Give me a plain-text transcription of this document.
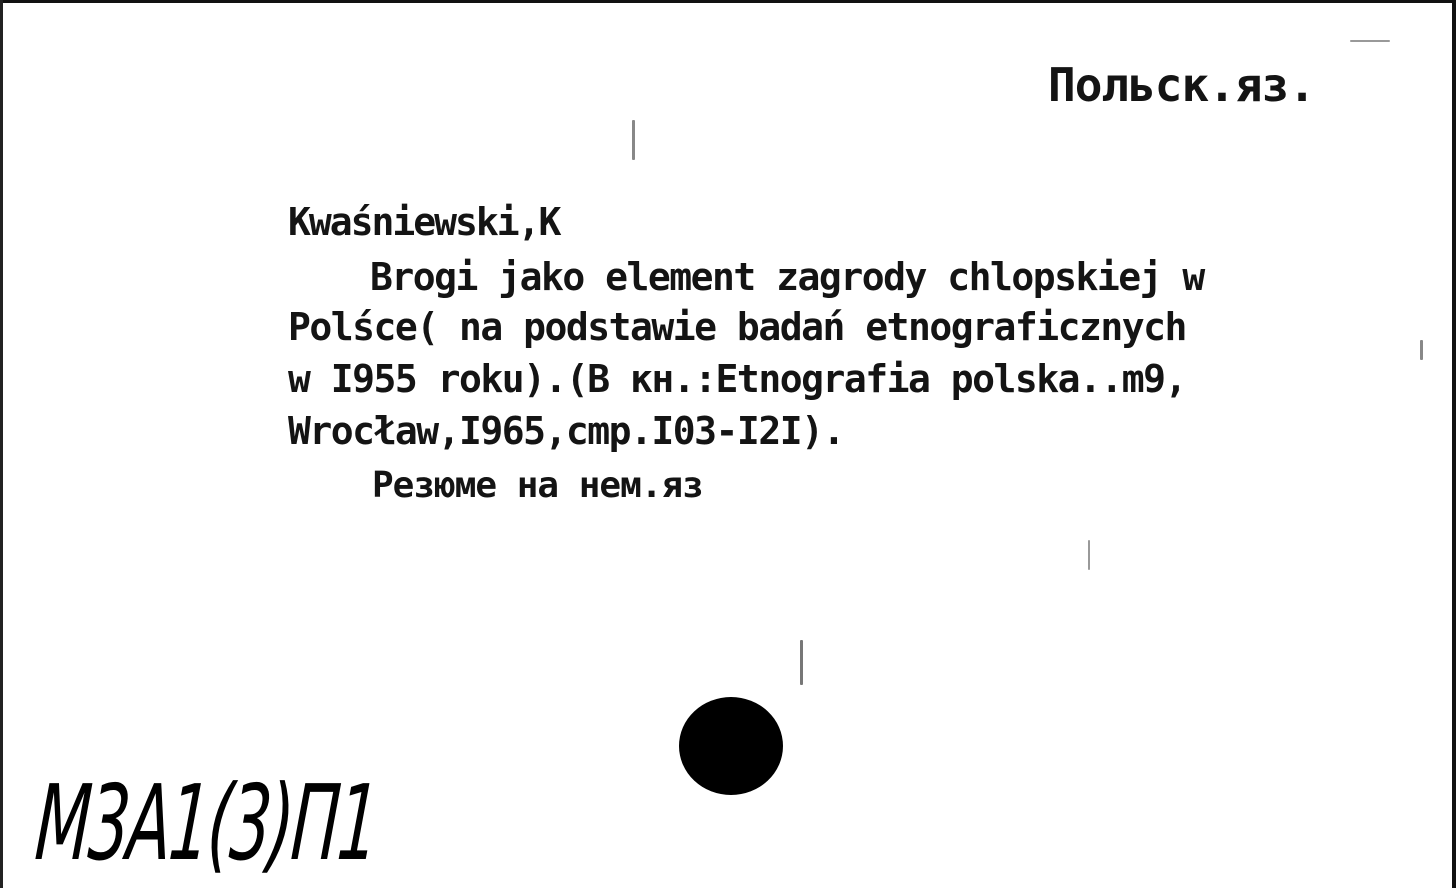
Польск.яз.
Kwaśniewski,K
Brogi jako element zagrody chlopskiej w
Polśce( na podstawie badań etnograficznych
w I955 roku).(В кн.:Etnografia polska..m9,
Wrocław,I965,cmp.I03-I2I).
Резюме на нем.яз
M3A1(3)П1
